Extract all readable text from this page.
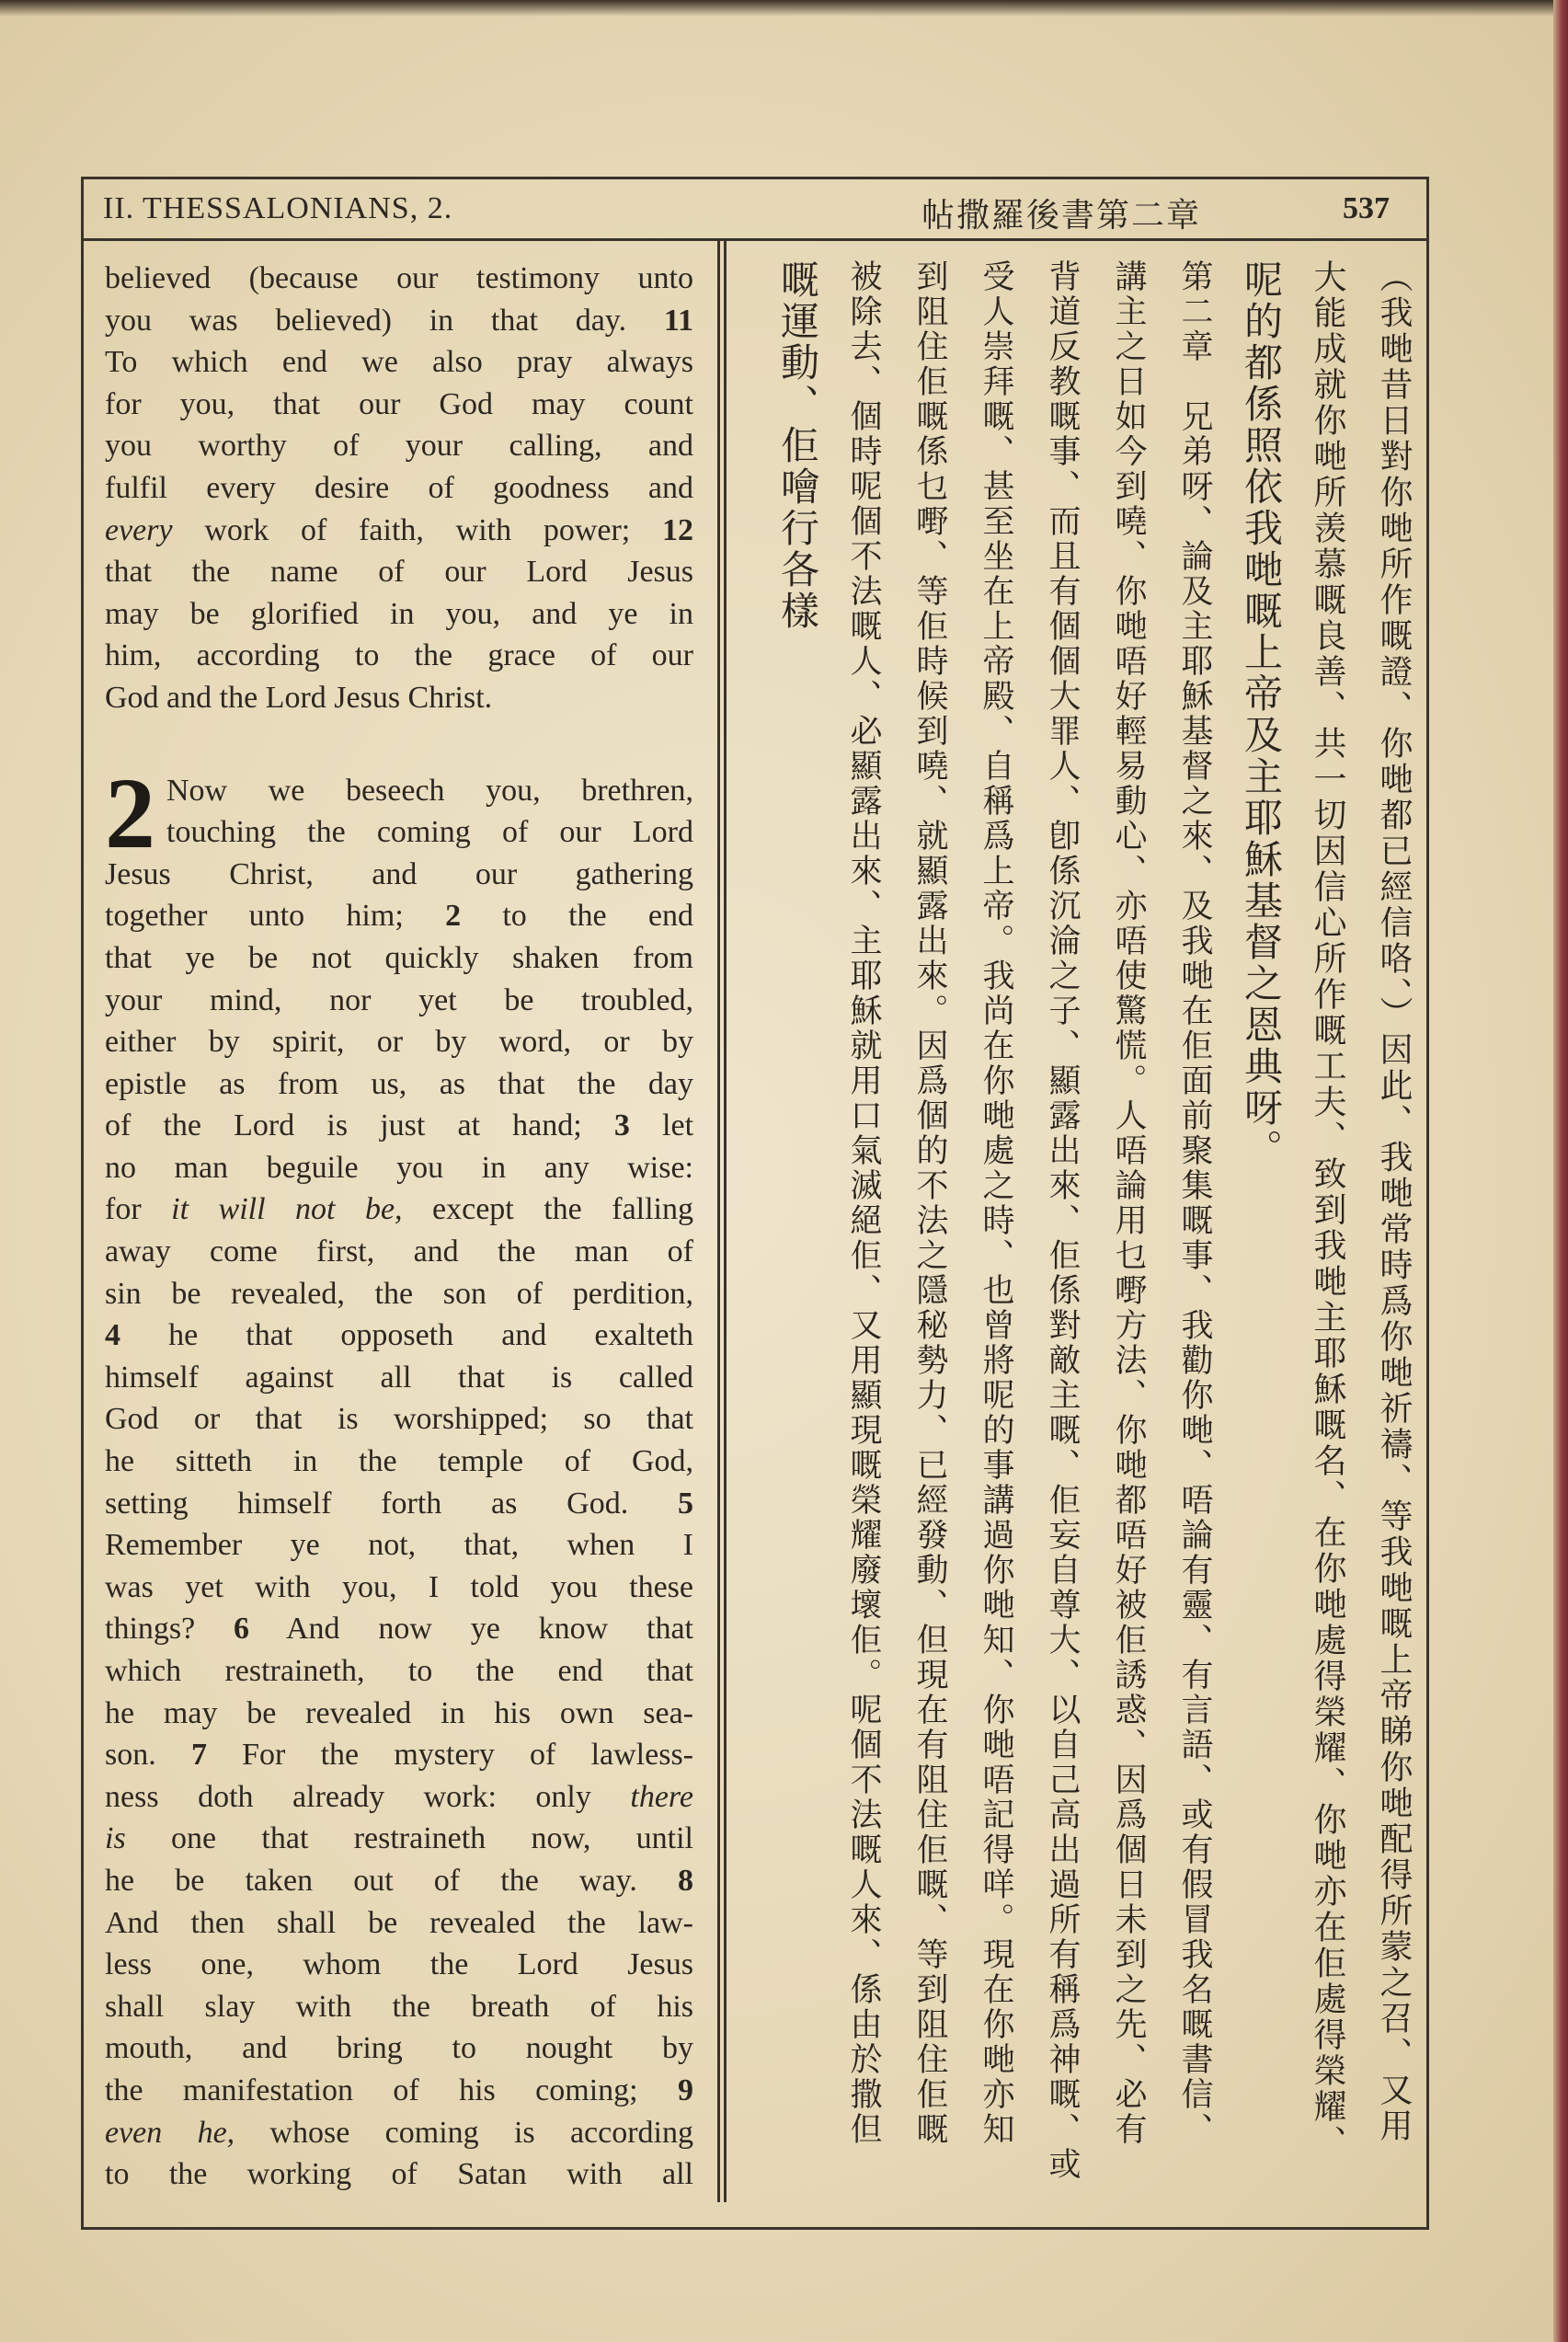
II. THESSALONIANS, 2.	帖撒羅後書第二章	537

believed (because our testimony unto

you was believed) in that day. 11

To which end we also pray always

for you, that our God may count

you worthy of your calling, and

fulfil every desire of goodness and

every work of faith, with power; 12

that the name of our Lord Jesus

may be glorified in you, and ye in

him, according to the grace of our

God and the Lord Jesus Christ.

2 Now we beseech you, brethren,

touching the coming of our Lord

Jesus Christ, and our gathering

together unto him; 2 to the end

that ye be not quickly shaken from

your mind, nor yet be troubled,

either by spirit, or by word, or by

epistle as from us, as that the day

of the Lord is just at hand; 3 let

no man beguile you in any wise:

for it will not be, except the falling

away come first, and the man of

sin be revealed, the son of perdition,

4 he that opposeth and exalteth

himself against all that is called

God or that is worshipped; so that

he sitteth in the temple of God,

setting himself forth as God. 5

Remember ye not, that, when I

was yet with you, I told you these

things? 6 And now ye know that

which restraineth, to the end that

he may be revealed in his own sea-

son. 7 For the mystery of lawless-

ness doth already work: only there

is one that restraineth now, until

he be taken out of the way. 8

And then shall be revealed the law-

less one, whom the Lord Jesus

shall slay with the breath of his

mouth, and bring to nought by

the manifestation of his coming; 9

even he, whose coming is according

to the working of Satan with all

（我哋昔日對你哋所作嘅證、你哋都已經信咯、）因此、我哋常時爲你哋祈禱、等我哋嘅上帝睇你哋配得所蒙之召、又用
大能成就你哋所羡慕嘅良善、共一切因信心所作嘅工夫、致到我哋主耶穌嘅名、在你哋處得榮耀、你哋亦在佢處得榮耀、
呢的都係照依我哋嘅上帝及主耶穌基督之恩典呀。
第二章　兄弟呀、論及主耶穌基督之來、及我哋在佢面前聚集嘅事、我勸你哋、唔論有靈、有言語、或有假冒我名嘅書信、
講主之日如今到嘵、你哋唔好輕易動心、亦唔使驚慌。人唔論用乜嘢方法、你哋都唔好被佢誘惑、因爲個日未到之先、必有
背道反教嘅事、而且有個個大罪人、卽係沉淪之子、顯露出來、佢係對敵主嘅、佢妄自尊大、以自己高出過所有稱爲神嘅、或
受人崇拜嘅、甚至坐在上帝殿、自稱爲上帝。我尚在你哋處之時、也曾將呢的事講過你哋知、你哋唔記得咩。現在你哋亦知
到阻住佢嘅係乜嘢、等佢時候到嘵、就顯露出來。因爲個的不法之隱秘勢力、已經發動、但現在有阻住佢嘅、等到阻住佢嘅
被除去、個時呢個不法嘅人、必顯露出來、主耶穌就用口氣滅絕佢、又用顯現嘅榮耀廢壞佢。呢個不法嘅人來、係由於撒但
嘅運動、佢噲行各樣
